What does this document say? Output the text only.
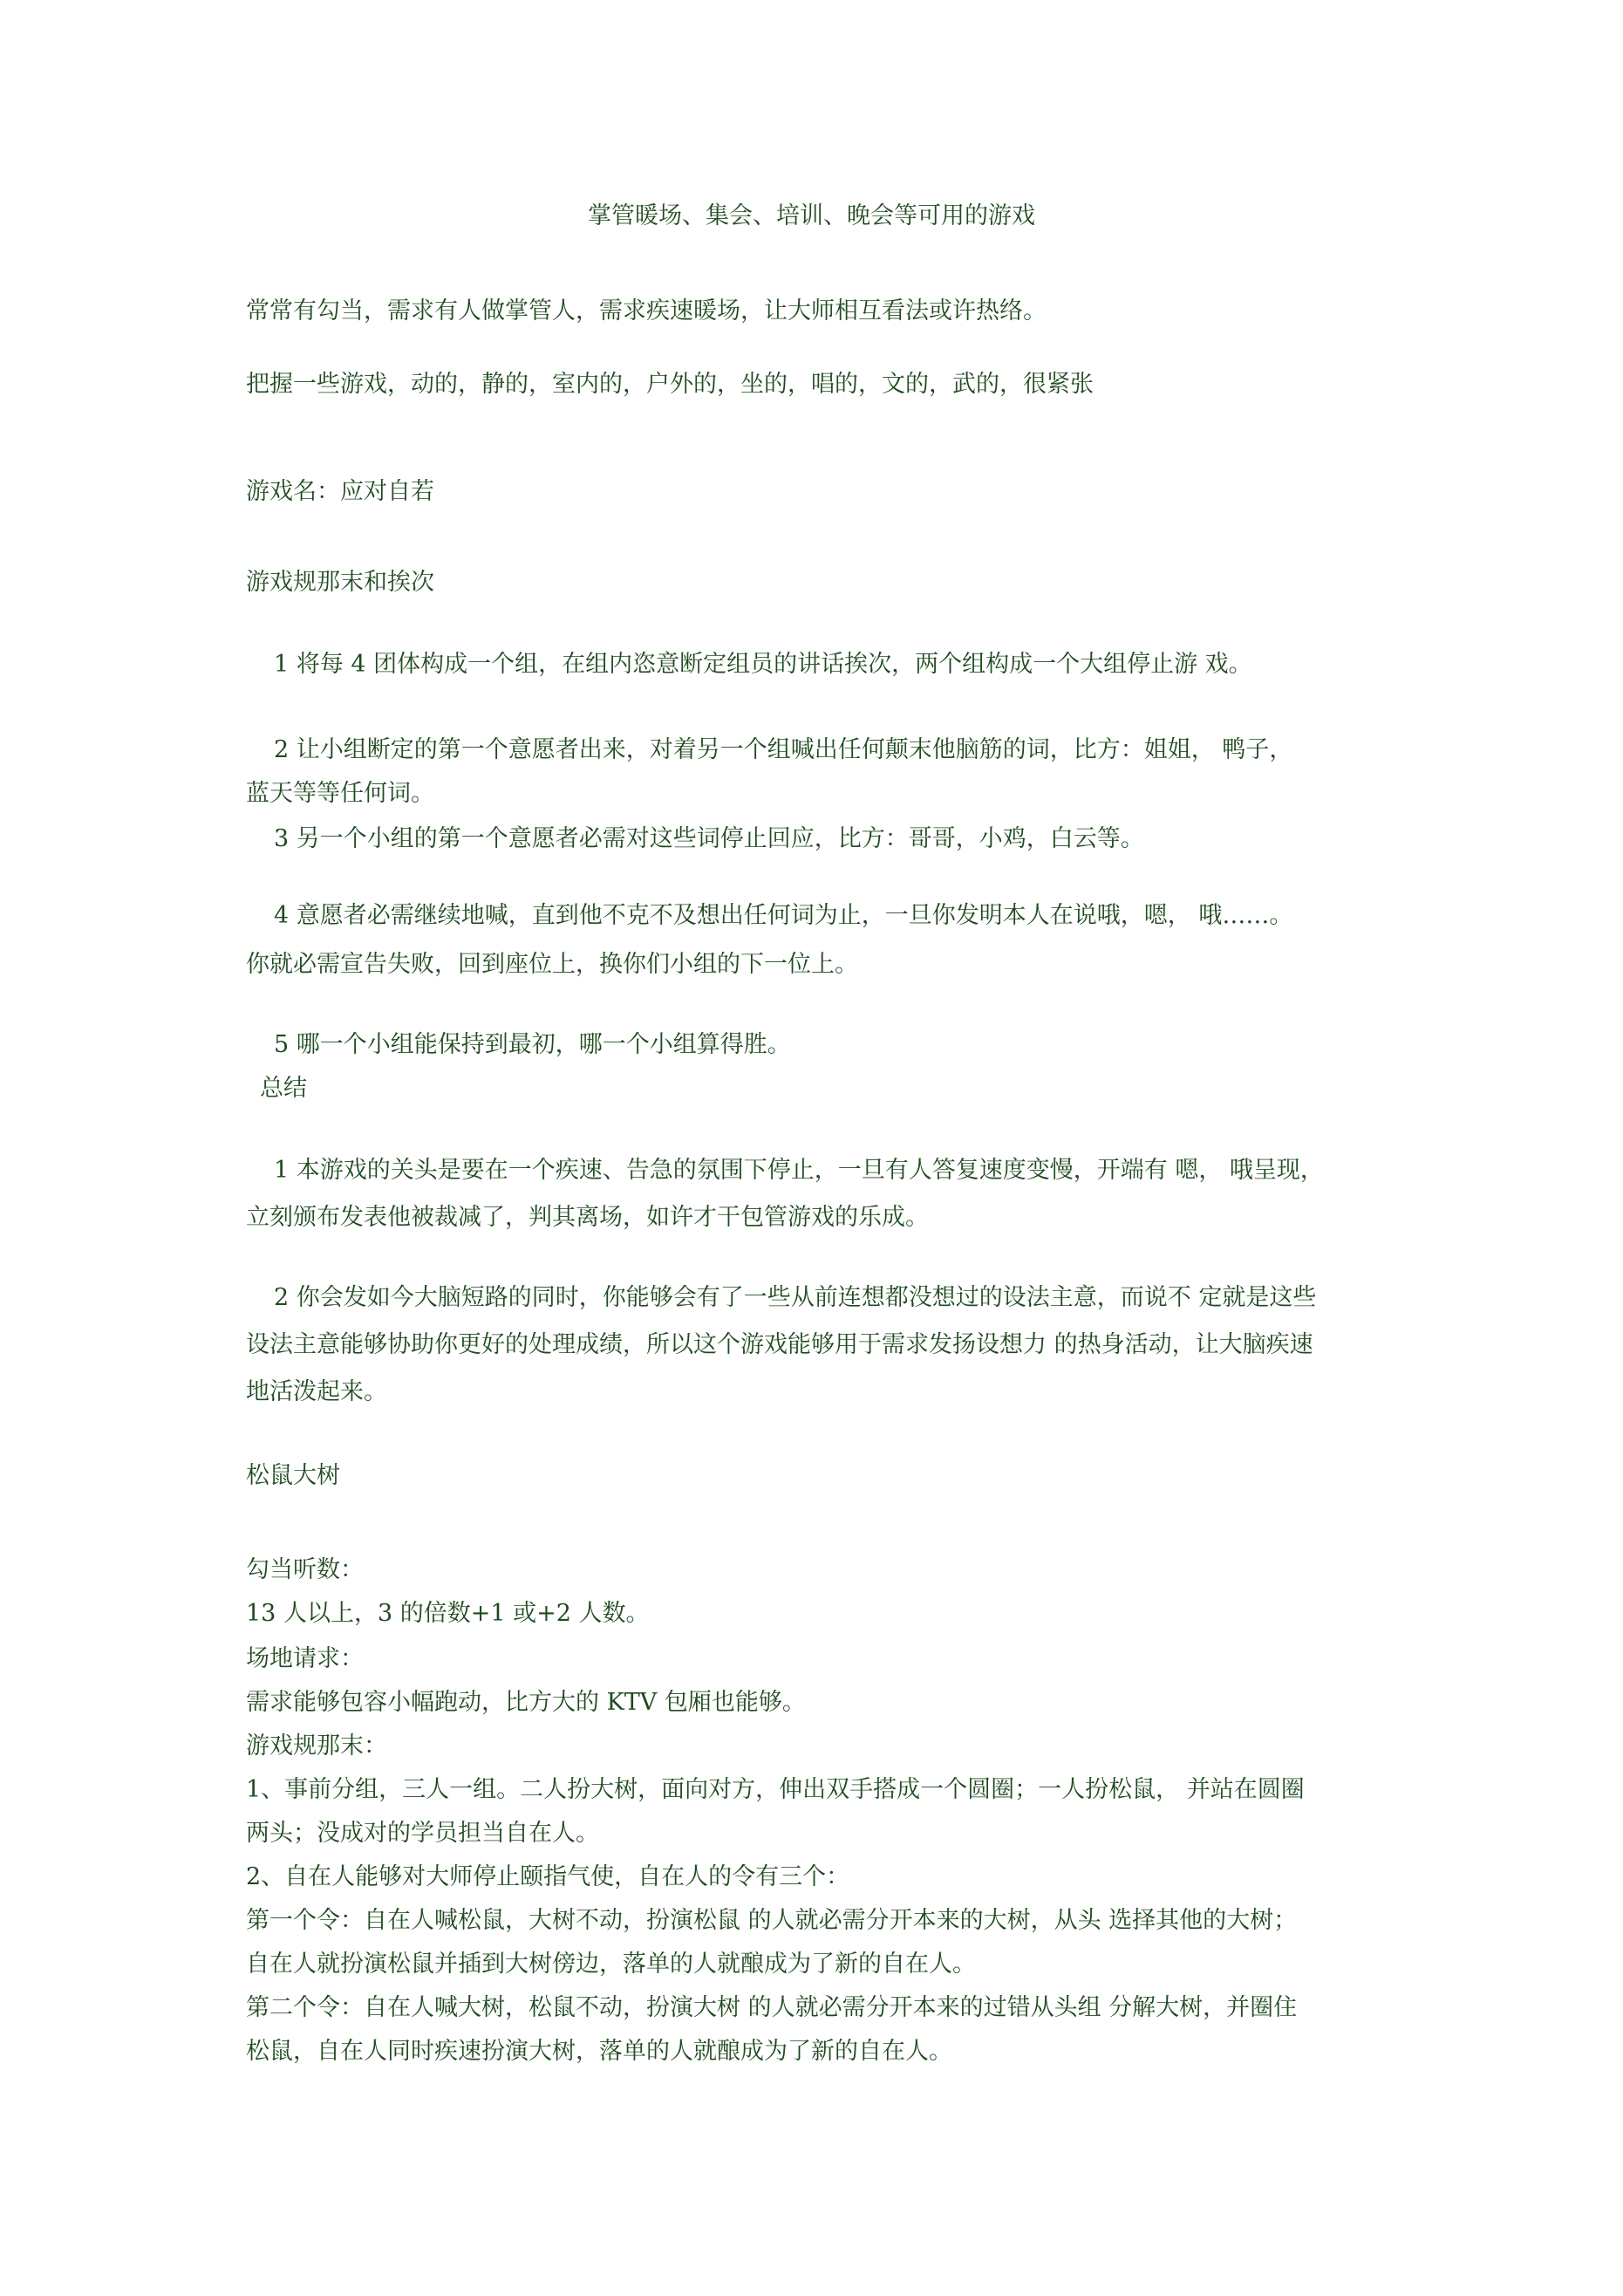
掌管暖场、集会、培训、晚会等可用的游戏
常常有勾当，需求有人做掌管人，需求疾速暖场，让大师相互看法或许热络。
把握一些游戏，动的，静的，室内的，户外的，坐的，唱的，文的，武的，很紧张
游戏名：应对自若
游戏规那末和挨次
1 将每 4 团体构成一个组，在组内恣意断定组员的讲话挨次，两个组构成一个大组停止游 戏。
2 让小组断定的第一个意愿者出来，对着另一个组喊出任何颠末他脑筋的词，比方：姐姐， 鸭子，
蓝天等等任何词。
3 另一个小组的第一个意愿者必需对这些词停止回应，比方：哥哥，小鸡，白云等。
4 意愿者必需继续地喊，直到他不克不及想出任何词为止，一旦你发明本人在说哦，嗯， 哦……。
你就必需宣告失败，回到座位上，换你们小组的下一位上。
5 哪一个小组能保持到最初，哪一个小组算得胜。
总结
1 本游戏的关头是要在一个疾速、告急的氛围下停止，一旦有人答复速度变慢，开端有 嗯， 哦呈现，
立刻颁布发表他被裁减了，判其离场，如许才干包管游戏的乐成。
2 你会发如今大脑短路的同时，你能够会有了一些从前连想都没想过的设法主意，而说不 定就是这些
设法主意能够协助你更好的处理成绩，所以这个游戏能够用于需求发扬设想力 的热身活动，让大脑疾速
地活泼起来。
松鼠大树
勾当听数：
13 人以上，3 的倍数+1 或+2 人数。
场地请求：
需求能够包容小幅跑动，比方大的 KTV 包厢也能够。
游戏规那末：
1、事前分组，三人一组。二人扮大树，面向对方，伸出双手搭成一个圆圈；一人扮松鼠， 并站在圆圈
两头；没成对的学员担当自在人。
2、自在人能够对大师停止颐指气使，自在人的令有三个：
第一个令：自在人喊松鼠，大树不动，扮演松鼠 的人就必需分开本来的大树，从头 选择其他的大树；
自在人就扮演松鼠并插到大树傍边，落单的人就酿成为了新的自在人。
第二个令：自在人喊大树，松鼠不动，扮演大树 的人就必需分开本来的过错从头组 分解大树，并圈住
松鼠，自在人同时疾速扮演大树，落单的人就酿成为了新的自在人。
